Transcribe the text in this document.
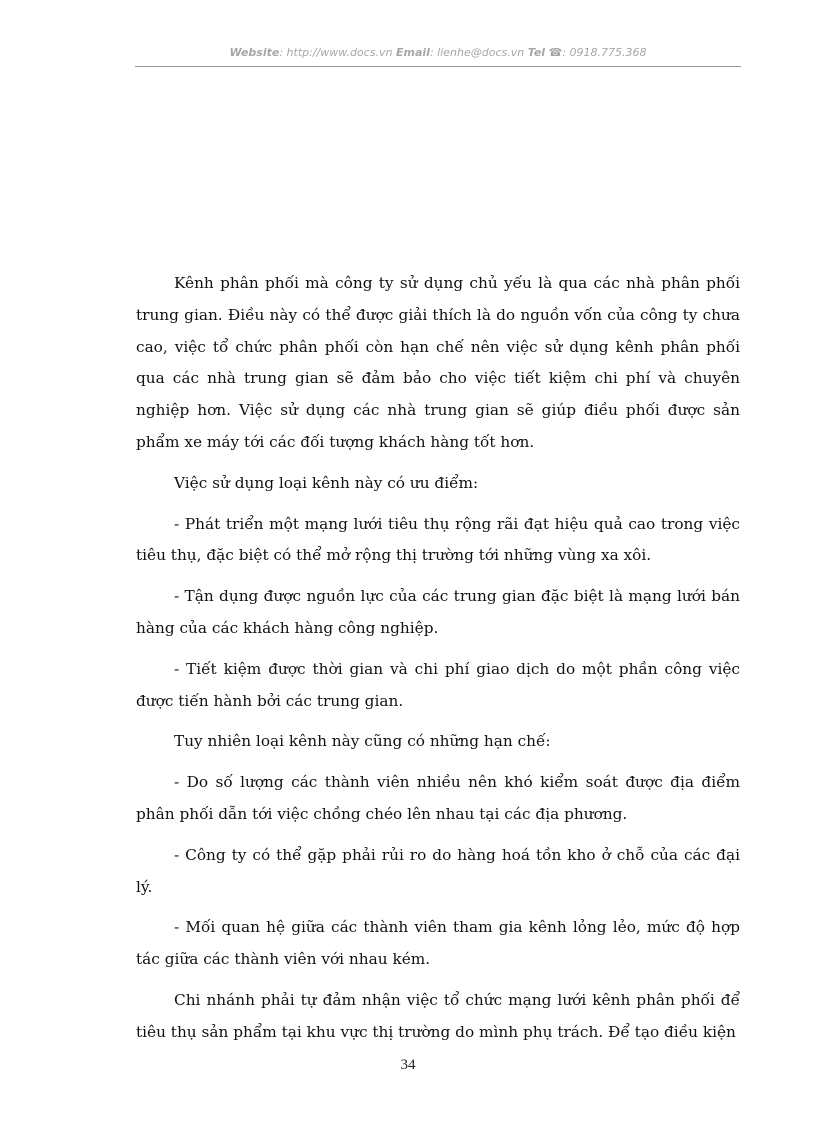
Website: http://www.docs.vn Email: lienhe@docs.vn Tel ☎: 0918.775.368

Kênh phân phối mà công ty sử dụng chủ yếu là qua các nhà phân phối trung gian. Điều này có thể được giải thích là do nguồn vốn của công ty chưa cao, việc tổ chức phân phối còn hạn chế nên việc sử dụng kênh phân phối qua các nhà trung gian sẽ đảm bảo cho việc tiết kiệm chi phí và chuyên nghiệp hơn. Việc sử dụng các nhà trung gian sẽ giúp điều phối được sản phẩm xe máy tới các đối tượng khách hàng tốt hơn.

Việc sử dụng loại kênh này có ưu điểm:

- Phát triển một mạng lưới tiêu thụ rộng rãi đạt hiệu quả cao trong việc tiêu thụ, đặc biệt có thể mở rộng thị trường tới những vùng xa xôi.

- Tận dụng được nguồn lực của các trung gian đặc biệt là mạng lưới bán hàng của các khách hàng công nghiệp.

- Tiết kiệm được thời gian và chi phí giao dịch do một phần công việc được tiến hành bởi các trung gian.

Tuy nhiên loại kênh này cũng có những hạn chế:

- Do số lượng các thành viên nhiều nên khó kiểm soát được địa điểm phân phối dẫn tới việc chồng chéo lên nhau tại các địa phương.

- Công ty có thể gặp phải rủi ro do hàng hoá tồn kho ở chỗ của các đại lý.

- Mối quan hệ giữa các thành viên tham gia kênh lỏng lẻo, mức độ hợp tác giữa các thành viên với nhau kém.

Chi nhánh phải tự đảm nhận việc tổ chức mạng lưới kênh phân phối để tiêu thụ sản phẩm tại khu vực thị trường do mình phụ trách. Để tạo điều kiện

34
